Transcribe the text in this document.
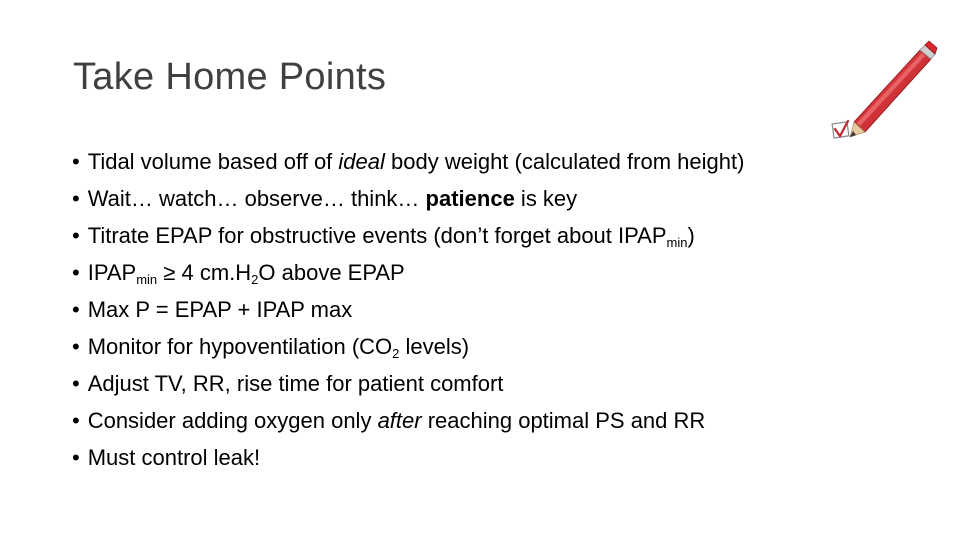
Take Home Points
• Tidal volume based off of ideal body weight (calculated from height)
• Wait… watch… observe… think… patience is key
• Titrate EPAP for obstructive events (don’t forget about $IPAP_{min}$)
• $IPAP_{min} \ge 4$ $cm.H_2O$ above EPAP
• Max P = EPAP + IPAP max
• Monitor for hypoventilation ($CO_2$ levels)
• Adjust TV, RR, rise time for patient comfort
• Consider adding oxygen only after reaching optimal PS and RR
• Must control leak!
